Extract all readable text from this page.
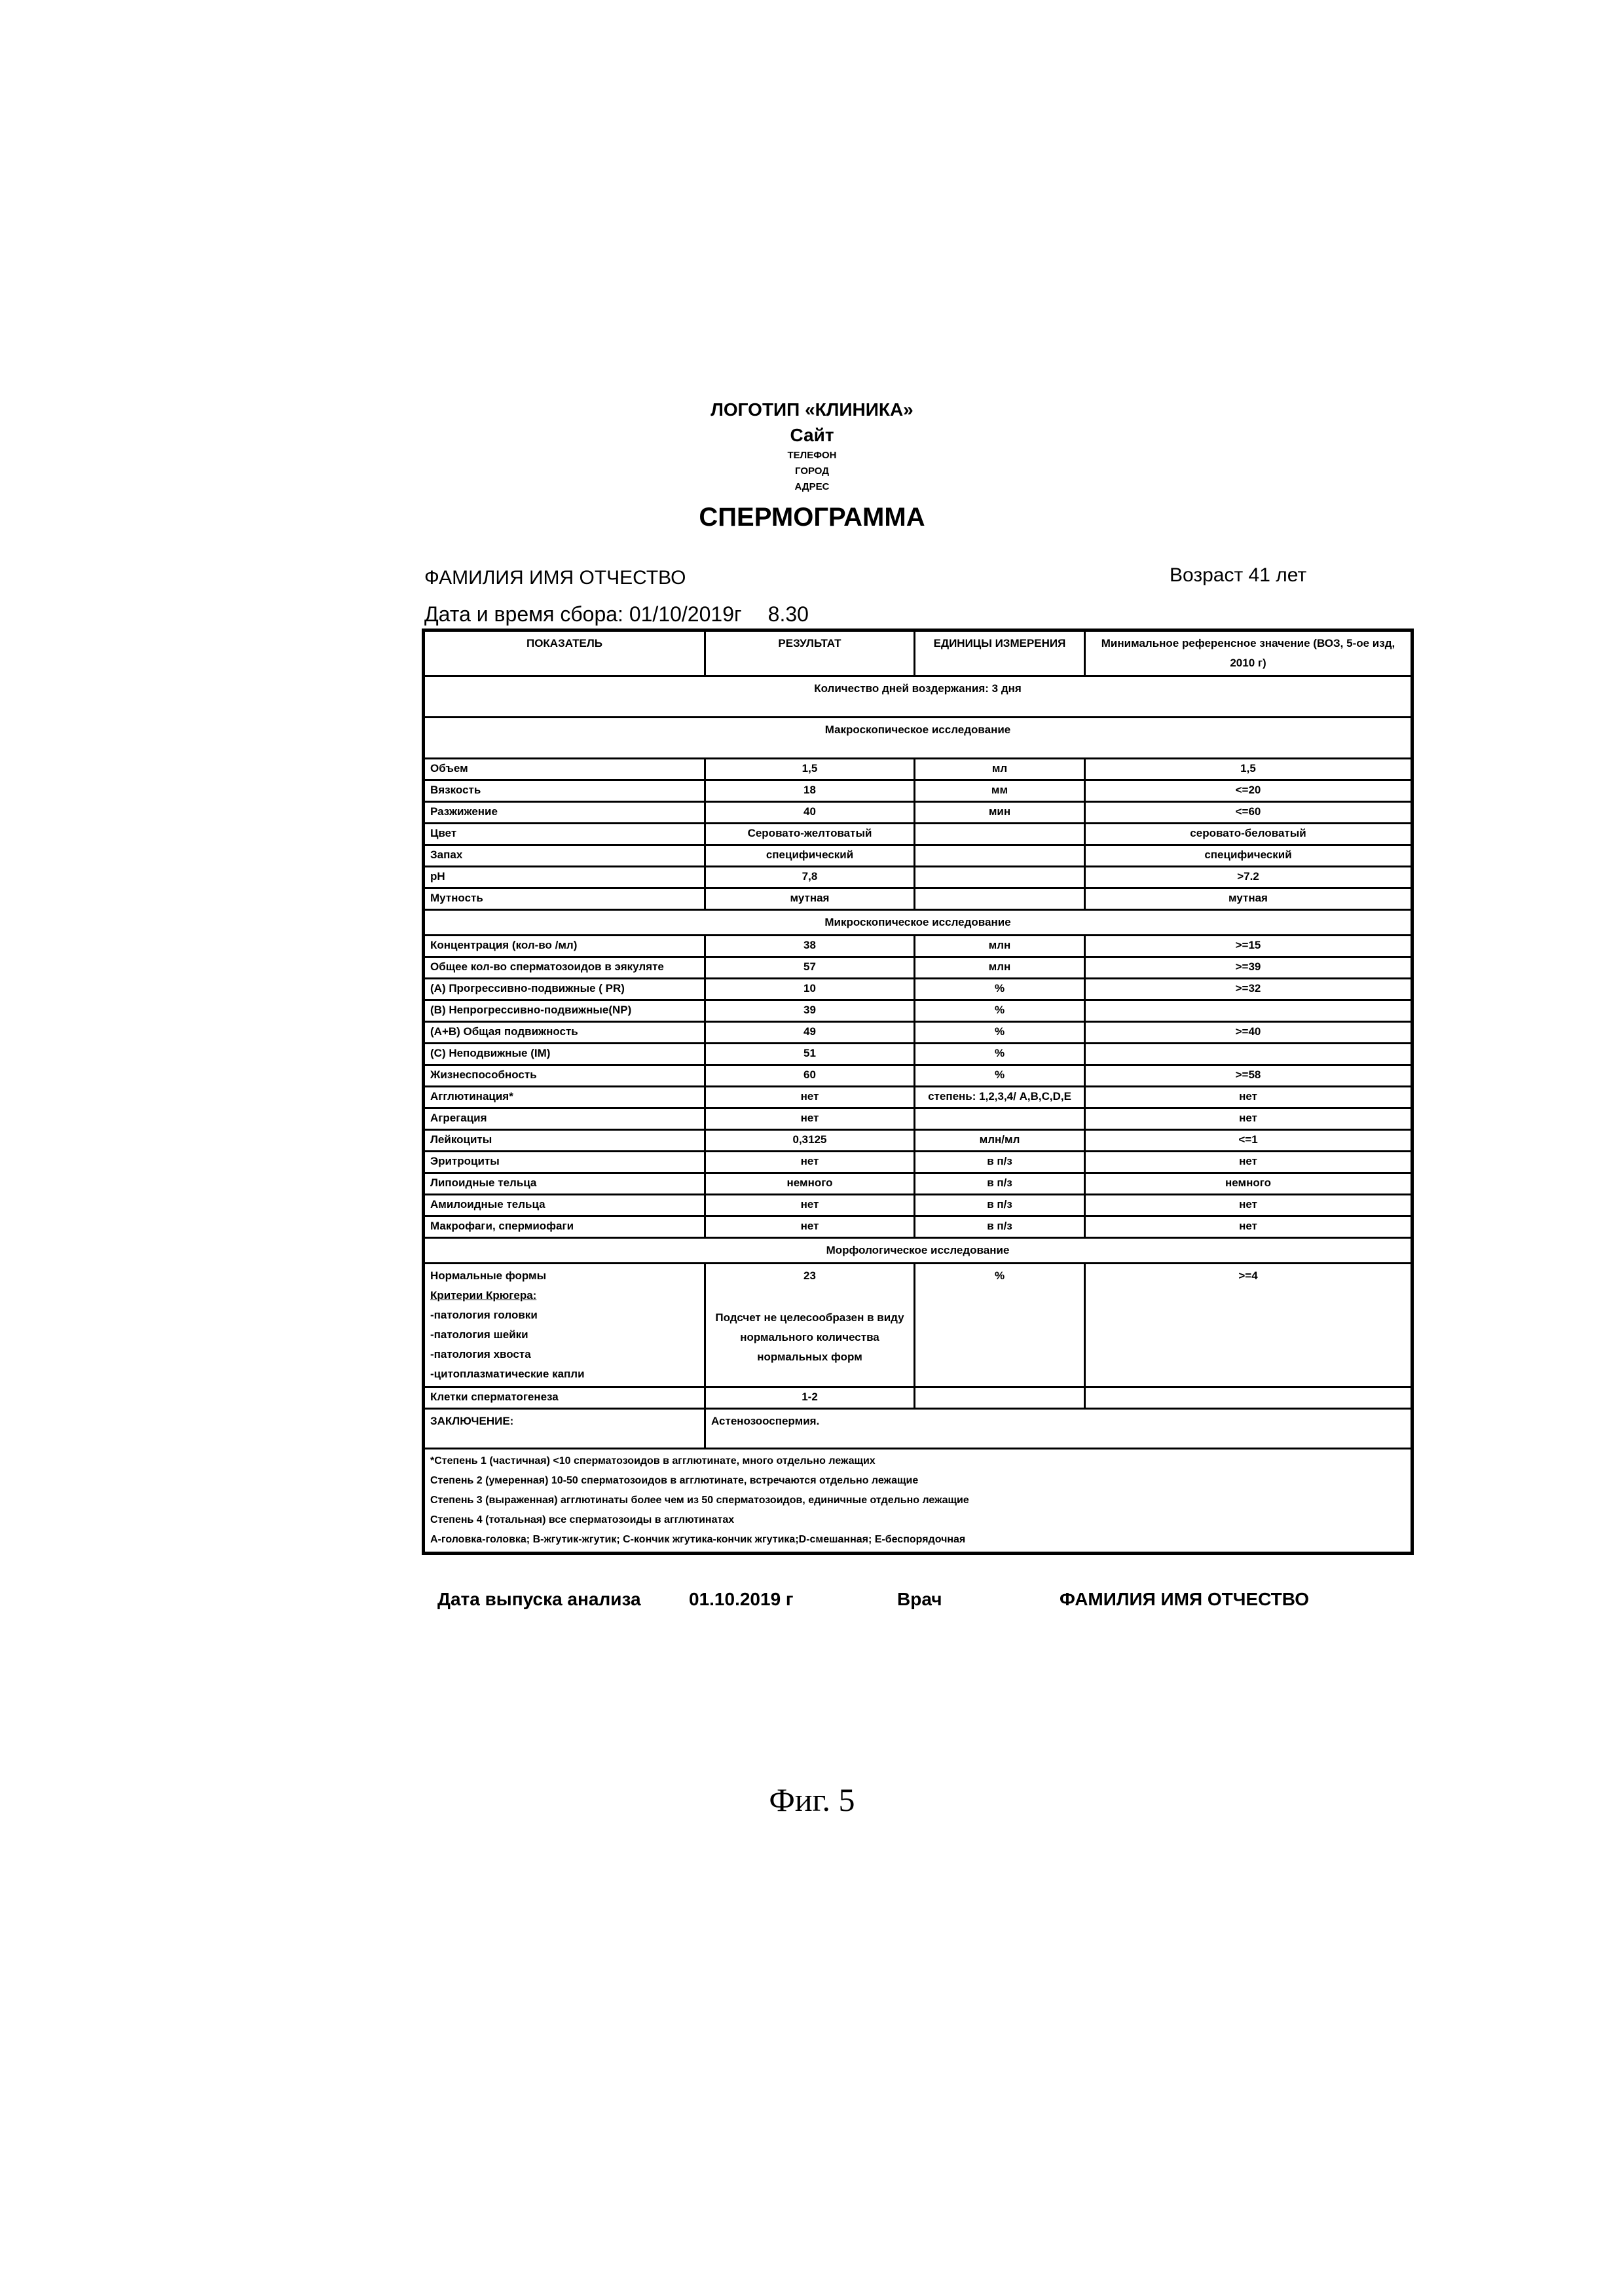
ЛОГОТИП «КЛИНИКА»
Сайт
ТЕЛЕФОН
ГОРОД
АДРЕС
СПЕРМОГРАММА
ФАМИЛИЯ ИМЯ ОТЧЕСТВО	Возраст 41 лет
Дата и время сбора: 01/10/2019г 8.30
ПОКАЗАТЕЛЬ	РЕЗУЛЬТАТ	ЕДИНИЦЫ ИЗМЕРЕНИЯ	Минимальное референсное значение (ВОЗ, 5-ое изд, 2010 г)
Количество дней воздержания: 3 дня
Макроскопическое исследование
Объем	1,5	мл	1,5
Вязкость	18	мм	<=20
Разжижение	40	мин	<=60
Цвет	Серовато-желтоватый		серовато-беловатый
Запах	специфический		специфический
pH	7,8		>7.2
Мутность	мутная		мутная
Микроскопическое исследование
Концентрация (кол-во /мл)	38	млн	>=15
Общее кол-во сперматозоидов в эякуляте	57	млн	>=39
(A) Прогрессивно-подвижные ( PR)	10	%	>=32
(B) Непрогрессивно-подвижные(NP)	39	%	
(A+B) Общая подвижность	49	%	>=40
(C) Неподвижные (IM)	51	%	
Жизнеспособность	60	%	>=58
Агглютинация*	нет	степень: 1,2,3,4/ A,B,C,D,E	нет
Агрегация	нет		нет
Лейкоциты	0,3125	млн/мл	<=1
Эритроциты	нет	в п/з	нет
Липоидные тельца	немного	в п/з	немного
Амилоидные тельца	нет	в п/з	нет
Макрофаги, спермиофаги	нет	в п/з	нет
Морфологическое исследование

Нормальные формы
Критерии Крюгера:
-патология головки
-патология шейки
-патология хвоста
-цитоплазматические капли

23
Подсчет не целесообразен в виду нормального количества нормальных форм
	%	>=4
Клетки сперматогенеза	1-2		
ЗАКЛЮЧЕНИЕ:	Астенозооспермия.

*Степень 1 (частичная) <10 сперматозоидов в агглютинате, много отдельно лежащих
Степень 2 (умеренная) 10-50 сперматозоидов в агглютинате, встречаются отдельно лежащие
Степень 3 (выраженная) агглютинаты более чем из 50 сперматозоидов, единичные отдельно лежащие
Степень 4 (тотальная) все сперматозоиды в агглютинатах
А-головка-головка; В-жгутик-жгутик; С-кончик жгутика-кончик жгутика;D-смешанная; E-беспорядочная
Дата выпуска анализа	01.10.2019 г	Врач	ФАМИЛИЯ ИМЯ ОТЧЕСТВО
Фиг. 5
